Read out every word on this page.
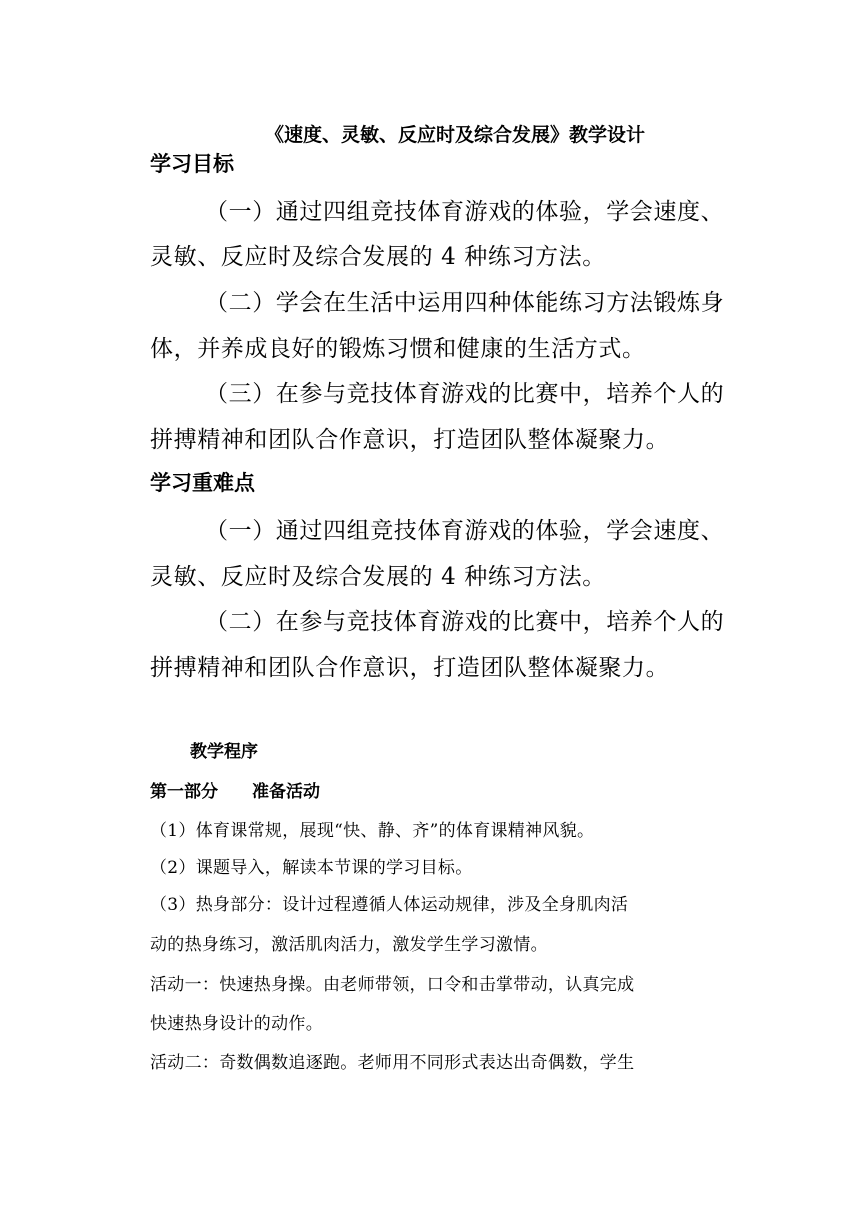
《速度、灵敏、反应时及综合发展》教学设计
学习目标

（一）通过四组竞技体育游戏的体验，学会速度、

灵敏、反应时及综合发展的 4 种练习方法。

（二）学会在生活中运用四种体能练习方法锻炼身

体，并养成良好的锻炼习惯和健康的生活方式。

（三）在参与竞技体育游戏的比赛中，培养个人的

拼搏精神和团队合作意识，打造团队整体凝聚力。

学习重难点

（一）通过四组竞技体育游戏的体验，学会速度、

灵敏、反应时及综合发展的 4 种练习方法。

（二）在参与竞技体育游戏的比赛中，培养个人的

拼搏精神和团队合作意识，打造团队整体凝聚力。

教学程序
第一部分　　准备活动

（1）体育课常规，展现“快、静、齐”的体育课精神风貌。

（2）课题导入，解读本节课的学习目标。

（3）热身部分：设计过程遵循人体运动规律，涉及全身肌肉活

动的热身练习，激活肌肉活力，激发学生学习激情。

活动一：快速热身操。由老师带领，口令和击掌带动，认真完成

快速热身设计的动作。

活动二：奇数偶数追逐跑。老师用不同形式表达出奇偶数，学生
